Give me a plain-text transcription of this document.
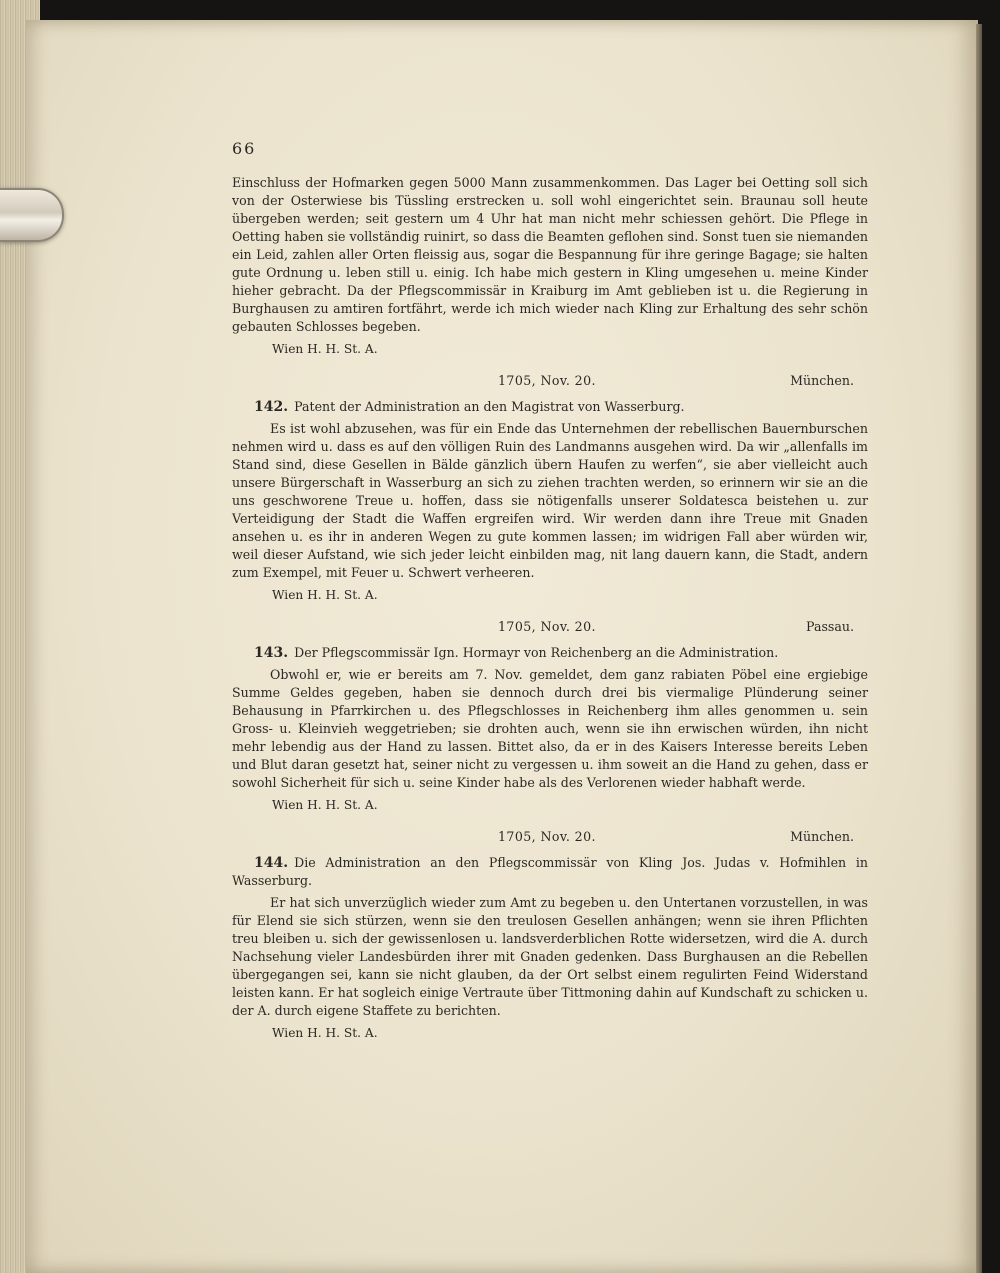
66

Einschluss der Hofmarken gegen 5000 Mann zusammenkommen. Das Lager bei Oetting soll sich von der Osterwiese bis Tüssling erstrecken u. soll wohl eingerichtet sein. Braunau soll heute übergeben werden; seit gestern um 4 Uhr hat man nicht mehr schiessen gehört. Die Pflege in Oetting haben sie vollständig ruinirt, so dass die Beamten geflohen sind. Sonst tuen sie niemanden ein Leid, zahlen aller Orten fleissig aus, sogar die Bespannung für ihre geringe Bagage; sie halten gute Ordnung u. leben still u. einig. Ich habe mich gestern in Kling umgesehen u. meine Kinder hieher gebracht. Da der Pflegscommissär in Kraiburg im Amt geblieben ist u. die Regierung in Burghausen zu amtiren fortfährt, werde ich mich wieder nach Kling zur Erhaltung des sehr schön gebauten Schlosses begeben.

Wien H. H. St. A.
1705, Nov. 20.	München.
142. Patent der Administration an den Magistrat von Wasserburg.

Es ist wohl abzusehen, was für ein Ende das Unternehmen der rebellischen Bauernburschen nehmen wird u. dass es auf den völligen Ruin des Landmanns ausgehen wird. Da wir „allenfalls im Stand sind, diese Gesellen in Bälde gänzlich übern Haufen zu werfen“, sie aber vielleicht auch unsere Bürgerschaft in Wasserburg an sich zu ziehen trachten werden, so erinnern wir sie an die uns geschworene Treue u. hoffen, dass sie nötigenfalls unserer Soldatesca beistehen u. zur Verteidigung der Stadt die Waffen ergreifen wird. Wir werden dann ihre Treue mit Gnaden ansehen u. es ihr in anderen Wegen zu gute kommen lassen; im widrigen Fall aber würden wir, weil dieser Aufstand, wie sich jeder leicht einbilden mag, nit lang dauern kann, die Stadt, andern zum Exempel, mit Feuer u. Schwert verheeren.

Wien H. H. St. A.
1705, Nov. 20.	Passau.
143. Der Pflegscommissär Ign. Hormayr von Reichenberg an die Administration.

Obwohl er, wie er bereits am 7. Nov. gemeldet, dem ganz rabiaten Pöbel eine ergiebige Summe Geldes gegeben, haben sie dennoch durch drei bis viermalige Plünderung seiner Behausung in Pfarrkirchen u. des Pflegschlosses in Reichenberg ihm alles genommen u. sein Gross- u. Kleinvieh weggetrieben; sie drohten auch, wenn sie ihn erwischen würden, ihn nicht mehr lebendig aus der Hand zu lassen. Bittet also, da er in des Kaisers Interesse bereits Leben und Blut daran gesetzt hat, seiner nicht zu vergessen u. ihm soweit an die Hand zu gehen, dass er sowohl Sicherheit für sich u. seine Kinder habe als des Verlorenen wieder habhaft werde.

Wien H. H. St. A.
1705, Nov. 20.	München.
144. Die Administration an den Pflegscommissär von Kling Jos. Judas v. Hofmihlen in Wasserburg.

Er hat sich unverzüglich wieder zum Amt zu begeben u. den Untertanen vorzustellen, in was für Elend sie sich stürzen, wenn sie den treulosen Gesellen anhängen; wenn sie ihren Pflichten treu bleiben u. sich der gewissenlosen u. landsverderblichen Rotte widersetzen, wird die A. durch Nachsehung vieler Landesbürden ihrer mit Gnaden gedenken. Dass Burghausen an die Rebellen übergegangen sei, kann sie nicht glauben, da der Ort selbst einem regulirten Feind Widerstand leisten kann. Er hat sogleich einige Vertraute über Tittmoning dahin auf Kundschaft zu schicken u. der A. durch eigene Staffete zu berichten.

Wien H. H. St. A.
